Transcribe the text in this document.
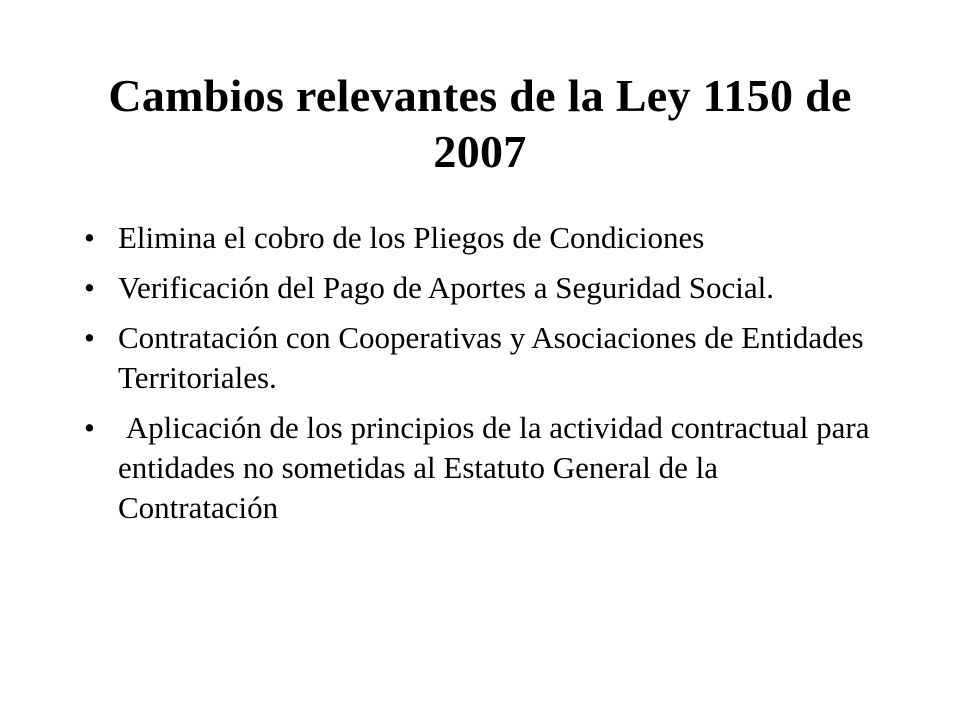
Cambios relevantes de la Ley 1150 de 2007
• Elimina el cobro de los Pliegos de Condiciones
• Verificación del Pago de Aportes a Seguridad Social.
• Contratación con Cooperativas y Asociaciones de Entidades Territoriales.
• Aplicación de los principios de la actividad contractual para entidades no sometidas al Estatuto General de la Contratación
